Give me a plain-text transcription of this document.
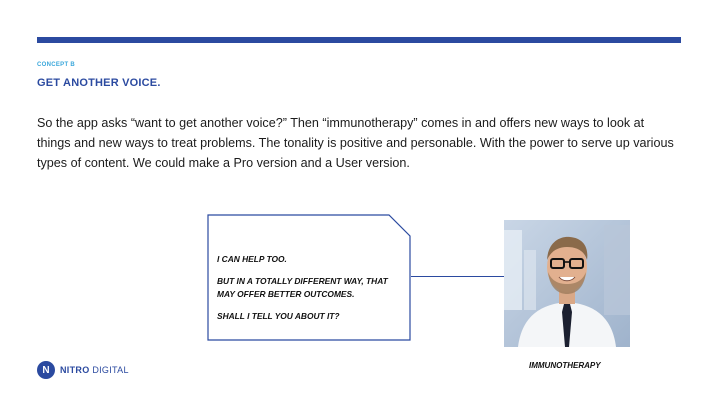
CONCEPT B
GET ANOTHER VOICE.
So the app asks “want to get another voice?” Then “immunotherapy” comes in and offers new ways to look at things and new ways to treat problems. The tonality is positive and personable. With the power to serve up various types of content. We could make a Pro version and a User version.
I CAN HELP TOO.
BUT IN A TOTALLY DIFFERENT WAY, THAT MAY OFFER BETTER OUTCOMES.
SHALL I TELL YOU ABOUT IT?
IMMUNOTHERAPY
N	NITRO DIGITAL
